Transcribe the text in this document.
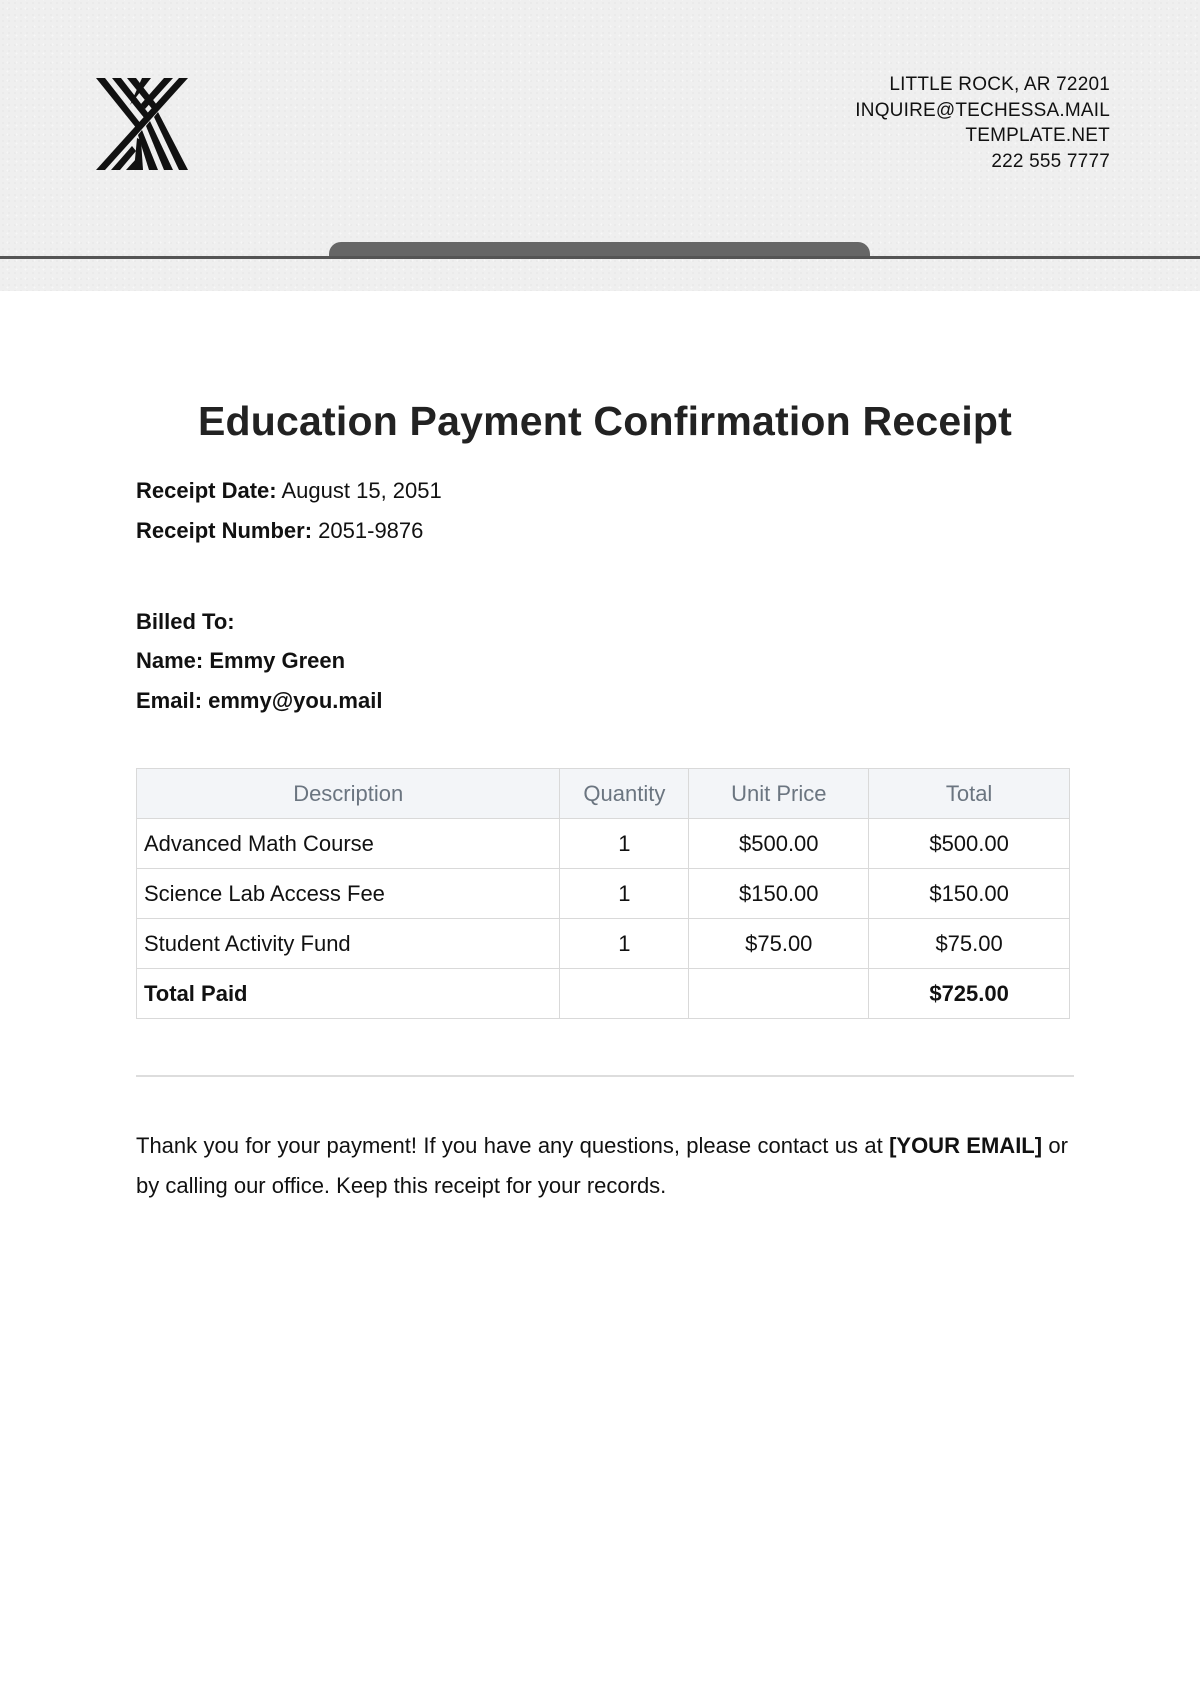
LITTLE ROCK, AR 72201
INQUIRE@TECHESSA.MAIL
TEMPLATE.NET
222 555 7777
Education Payment Confirmation Receipt
Receipt Date: August 15, 2051
Receipt Number: 2051-9876
Billed To:
Name: Emmy Green
Email: emmy@you.mail
Description	Quantity	Unit Price	Total
Advanced Math Course	1	$500.00	$500.00
Science Lab Access Fee	1	$150.00	$150.00
Student Activity Fund	1	$75.00	$75.00
Total Paid			$725.00

Thank you for your payment! If you have any questions, please contact us at [YOUR EMAIL] or by calling our office. Keep this receipt for your records.
